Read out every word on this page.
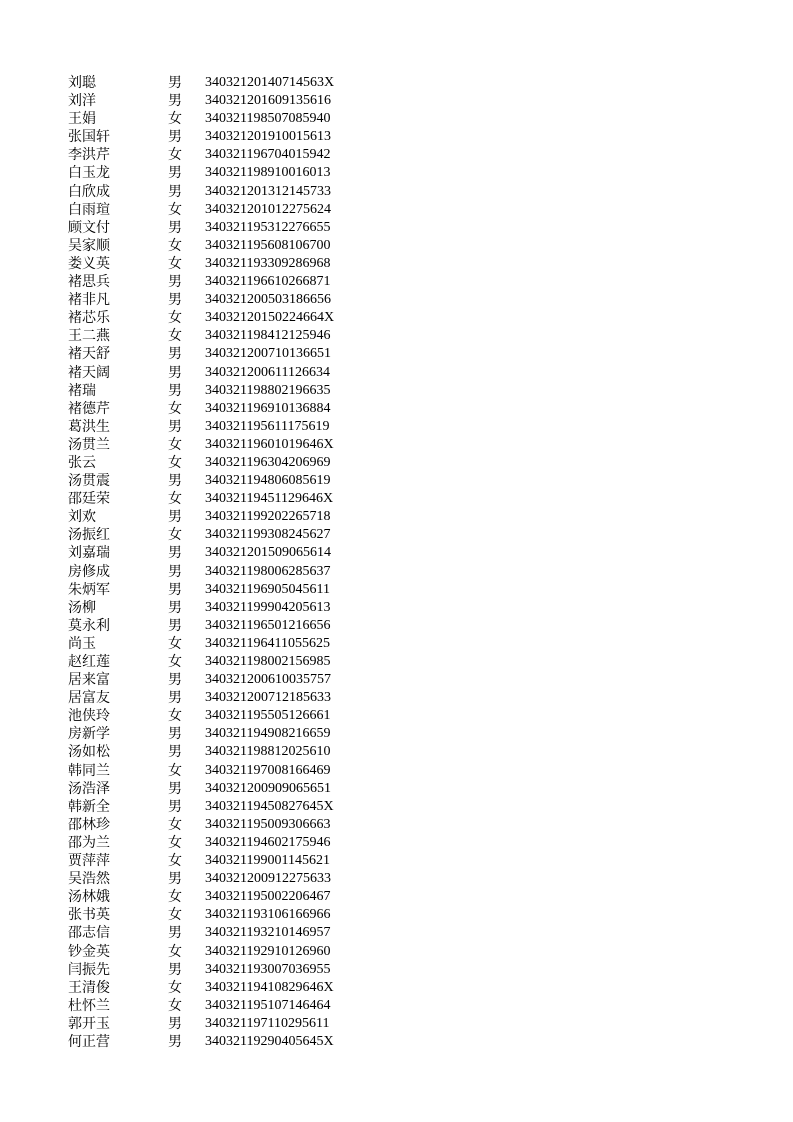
刘聪	男 34032120140714563X
刘洋	男 340321201609135616
王娟	女 340321198507085940
张国轩	男 340321201910015613
李洪芹	女 340321196704015942
白玉龙	男 340321198910016013
白欣成	男 340321201312145733
白雨瑄	女 340321201012275624
顾文付	男 340321195312276655
吴家顺	女 340321195608106700
娄义英	女 340321193309286968
褚思兵	男 340321196610266871
褚非凡	男 340321200503186656
褚芯乐	女 34032120150224664X
王二燕	女 340321198412125946
褚天舒	男 340321200710136651
褚天阔	男 340321200611126634
褚瑞	男 340321198802196635
褚德芹	女 340321196910136884
葛洪生	男 340321195611175619
汤贯兰	女 34032119601019646X
张云	女 340321196304206969
汤贯震	男 340321194806085619
邵廷荣	女 34032119451129646X
刘欢	男 340321199202265718
汤振红	女 340321199308245627
刘嘉瑞	男 340321201509065614
房修成	男 340321198006285637
朱炳军	男 340321196905045611
汤柳	男 340321199904205613
莫永利	男 340321196501216656
尚玉	女 340321196411055625
赵红莲	女 340321198002156985
居来富	男 340321200610035757
居富友	男 340321200712185633
池侠玲	女 340321195505126661
房新学	男 340321194908216659
汤如松	男 340321198812025610
韩同兰	女 340321197008166469
汤浩泽	男 340321200909065651
韩新全	男 34032119450827645X
邵林珍	女 340321195009306663
邵为兰	女 340321194602175946
贾萍萍	女 340321199001145621
吴浩然	男 340321200912275633
汤林娥	女 340321195002206467
张书英	女 340321193106166966
邵志信	男 340321193210146957
钞金英	女 340321192910126960
闫振先	男 340321193007036955
王清俊	女 34032119410829646X
杜怀兰	女 340321195107146464
郭开玉	男 340321197110295611
何正营	男 34032119290405645X
